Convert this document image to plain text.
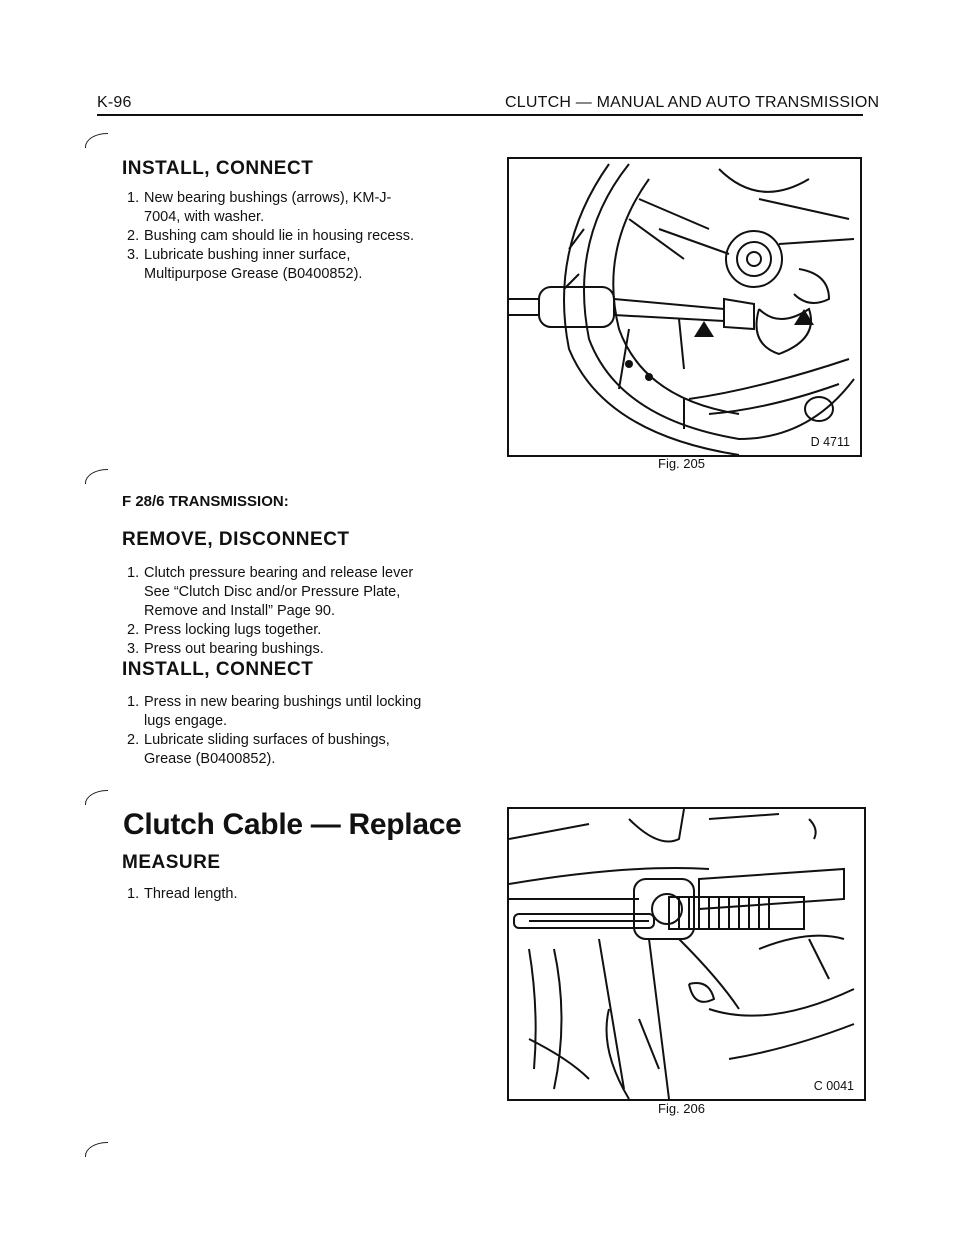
K-96	CLUTCH — MANUAL AND AUTO TRANSMISSION
INSTALL, CONNECT
1. New bearing bushings (arrows), KM-J-7004, with washer.
2. Bushing cam should lie in housing recess.
3. Lubricate bushing inner surface, Multipurpose Grease (B0400852).
F 28/6 TRANSMISSION:
REMOVE, DISCONNECT
1. Clutch pressure bearing and release lever See “Clutch Disc and/or Pressure Plate, Remove and Install” Page 90.
2. Press locking lugs together.
3. Press out bearing bushings.
INSTALL, CONNECT
1. Press in new bearing bushings until locking lugs engage.
2. Lubricate sliding surfaces of bushings, Grease (B0400852).
Clutch Cable — Replace
MEASURE
1. Thread length.
D 4711
Fig. 205
C 0041
Fig. 206
